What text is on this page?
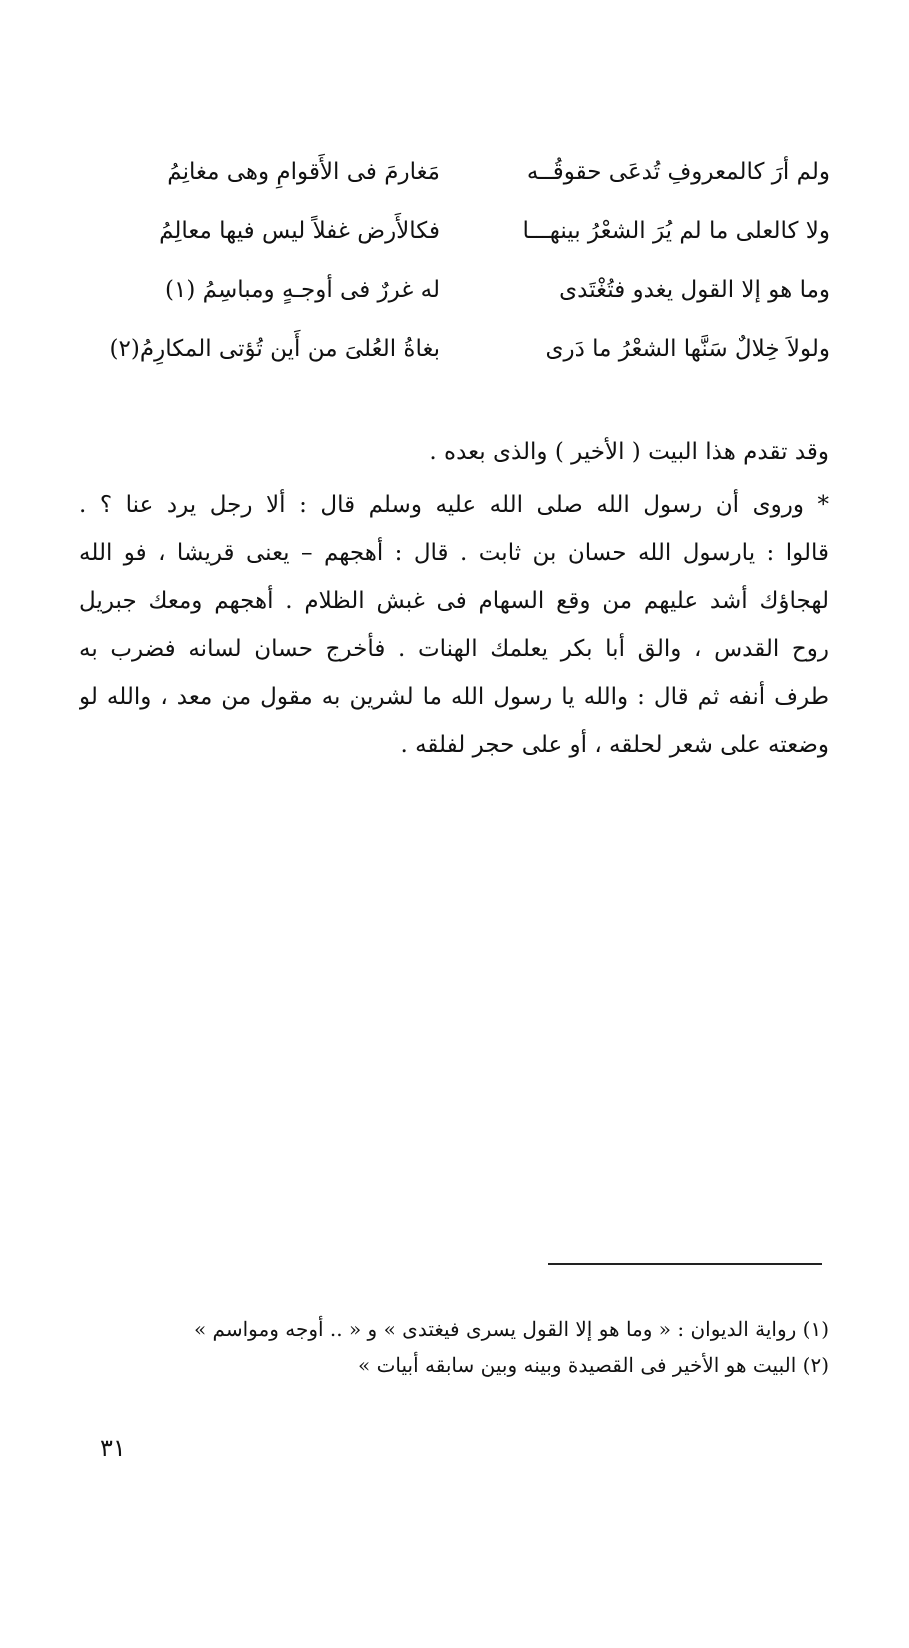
ولم أرَ كالمعروفِ تُدعَى حقوقُــه
مَغارمَ فى الأَقوامِ وهى مغانِمُ
ولا كالعلى ما لم يُرَ الشعْرُ بينهـــا
فكالأَرض غفلاً ليس فيها معالِمُ
وما هو إلا القول يغدو فتُغْتَدى
له غررٌ فى أوجـهٍ ومباسِمُ (١)
ولولاَ خِلالٌ سَنَّها الشعْرُ ما دَرى
بغاةُ العُلىَ من أَين تُؤتى المكارِمُ(٢)
وقد تقدم هذا البيت ( الأخير ) والذى بعده .
* وروى أن رسول الله صلى الله عليه وسلم قال : ألا رجل يرد عنا ؟ .
قالوا : يارسول الله حسان بن ثابت . قال : أهجهم – يعنى قريشا ، فو الله
لهجاؤك أشد عليهم من وقع السهام فى غبش الظلام . أهجهم ومعك جبريل
روح القدس ، والق أبا بكر يعلمك الهنات . فأخرج حسان لسانه فضرب به
طرف أنفه ثم قال : والله يا رسول الله ما لشرين به مقول من معد ، والله لو
وضعته على شعر لحلقه ، أو على حجر لفلقه .
(١) رواية الديوان : « وما هو إلا القول يسرى فيغتدى » و « .. أوجه ومواسم »
(٢) البيت هو الأخير فى القصيدة وبينه وبين سابقه أبيات »
٣١
